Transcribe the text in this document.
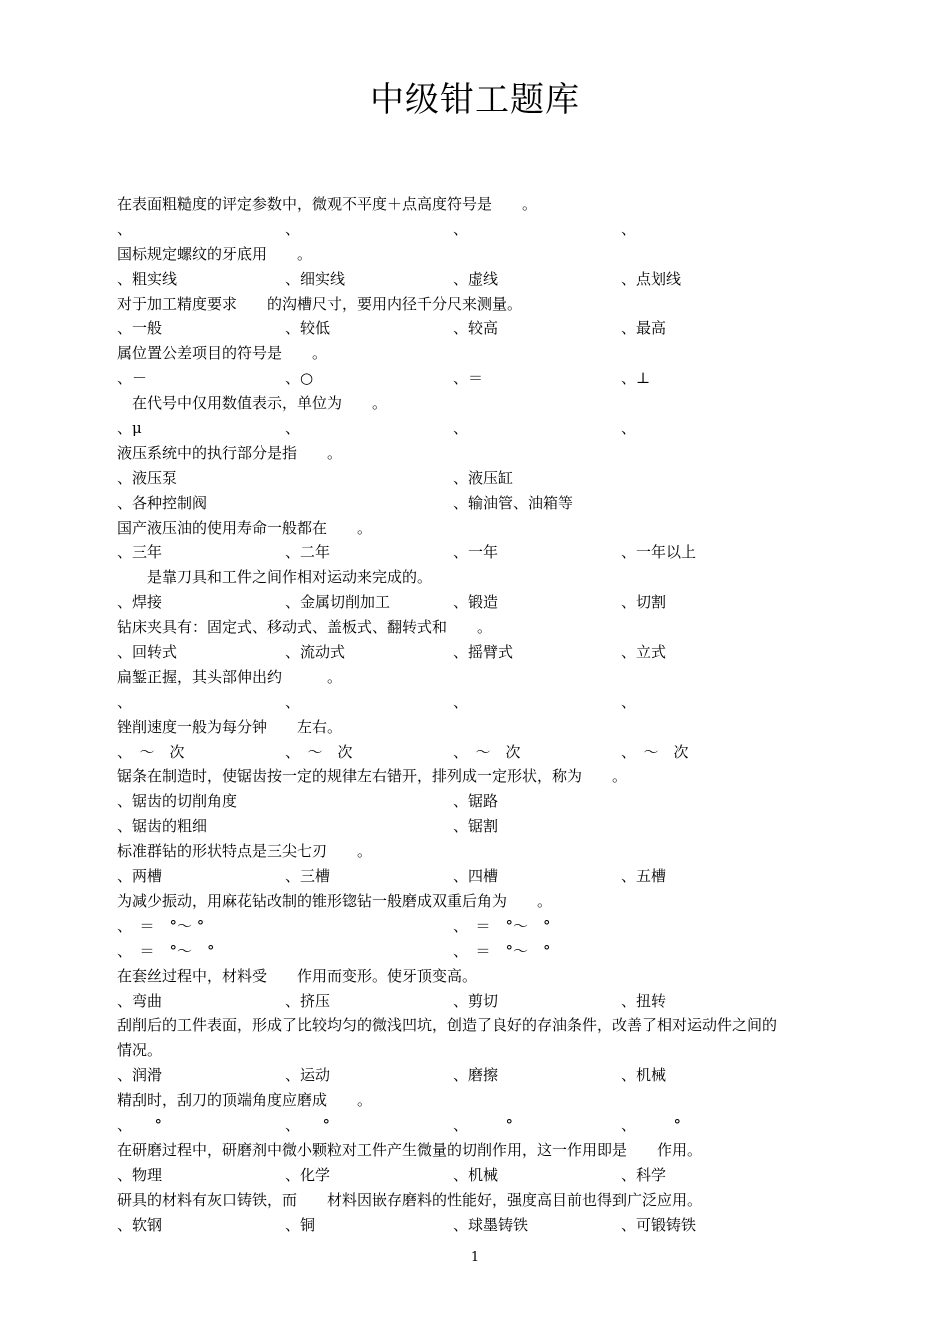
中级钳工题库
在表面粗糙度的评定参数中，微观不平度＋点高度符号是　　。
、	、	、	、
国标规定螺纹的牙底用　　。
、粗实线	、细实线	、虚线	、点划线
对于加工精度要求　　的沟槽尺寸，要用内径千分尺来测量。
、一般	、较低	、较高	、最高
属位置公差项目的符号是　　。
、－	、○	、＝	、⊥
　在代号中仅用数值表示，单位为　　。
、μ	、	、	、
液压系统中的执行部分是指　　。
、液压泵	、液压缸
、各种控制阀	、输油管、油箱等
国产液压油的使用寿命一般都在　　。
、三年	、二年	、一年	、一年以上
　　是靠刀具和工件之间作相对运动来完成的。
、焊接	、金属切削加工	、锻造	、切割
钻床夹具有：固定式、移动式、盖板式、翻转式和　　。
、回转式	、流动式	、摇臂式	、立式
扁錾正握，其头部伸出约　　　。
、	、	、	、
锉削速度一般为每分钟　　左右。
、　～　次	、　～　次	、　～　次	、　～　次
锯条在制造时，使锯齿按一定的规律左右错开，排列成一定形状，称为　　。
、锯齿的切削角度	、锯路
、锯齿的粗细	、锯割
标准群钻的形状特点是三尖七刃　　。
、两槽	、三槽	、四槽	、五槽
为减少振动，用麻花钻改制的锥形锪钻一般磨成双重后角为　　。
、　＝　°～ °	、　＝　°～　°
、　＝　°～　°	、　＝　°～　°
在套丝过程中，材料受　　作用而变形。使牙顶变高。
、弯曲	、挤压	、剪切	、扭转
刮削后的工件表面，形成了比较均匀的微浅凹坑，创造了良好的存油条件，改善了相对运动件之间的
情况。
、润滑	、运动	、磨擦	、机械
精刮时，刮刀的顶端角度应磨成　　。
、　　°	、　　°	、　　　°	、　　　°
在研磨过程中，研磨剂中微小颗粒对工件产生微量的切削作用，这一作用即是　　作用。
、物理	、化学	、机械	、科学
研具的材料有灰口铸铁，而　　材料因嵌存磨料的性能好，强度高目前也得到广泛应用。
、软钢	、铜	、球墨铸铁	、可锻铸铁
1
